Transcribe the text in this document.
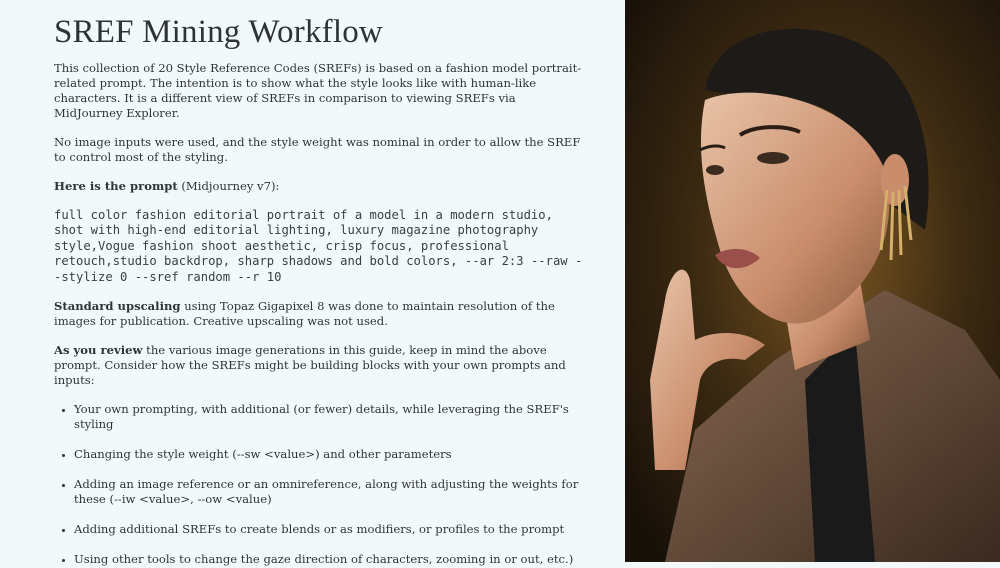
SREF Mining Workflow

This collection of 20 Style Reference Codes (SREFs) is based on a fashion model portrait-related prompt. The intention is to show what the style looks like with human-like characters. It is a different view of SREFs in comparison to viewing SREFs via MidJourney Explorer.

No image inputs were used, and the style weight was nominal in order to allow the SREF to control most of the styling.

Here is the prompt (Midjourney v7):

full color fashion editorial portrait of a model in a modern studio, shot with high-end editorial lighting, luxury magazine photography style,Vogue fashion shoot aesthetic, crisp focus, professional retouch,studio backdrop, sharp shadows and bold colors, --ar 2:3 --raw --stylize 0 --sref random --r 10

Standard upscaling using Topaz Gigapixel 8 was done to maintain resolution of the images for publication. Creative upscaling was not used.

As you review the various image generations in this guide, keep in mind the above prompt. Consider how the SREFs might be building blocks with your own prompts and inputs:

• Your own prompting, with additional (or fewer) details, while leveraging the SREF's styling
• Changing the style weight (--sw <value>) and other parameters
• Adding an image reference or an omnireference, along with adjusting the weights for these (--iw <value>, --ow <value)
• Adding additional SREFs to create blends or as modifiers, or profiles to the prompt
• Using other tools to change the gaze direction of characters, zooming in or out, etc.)
